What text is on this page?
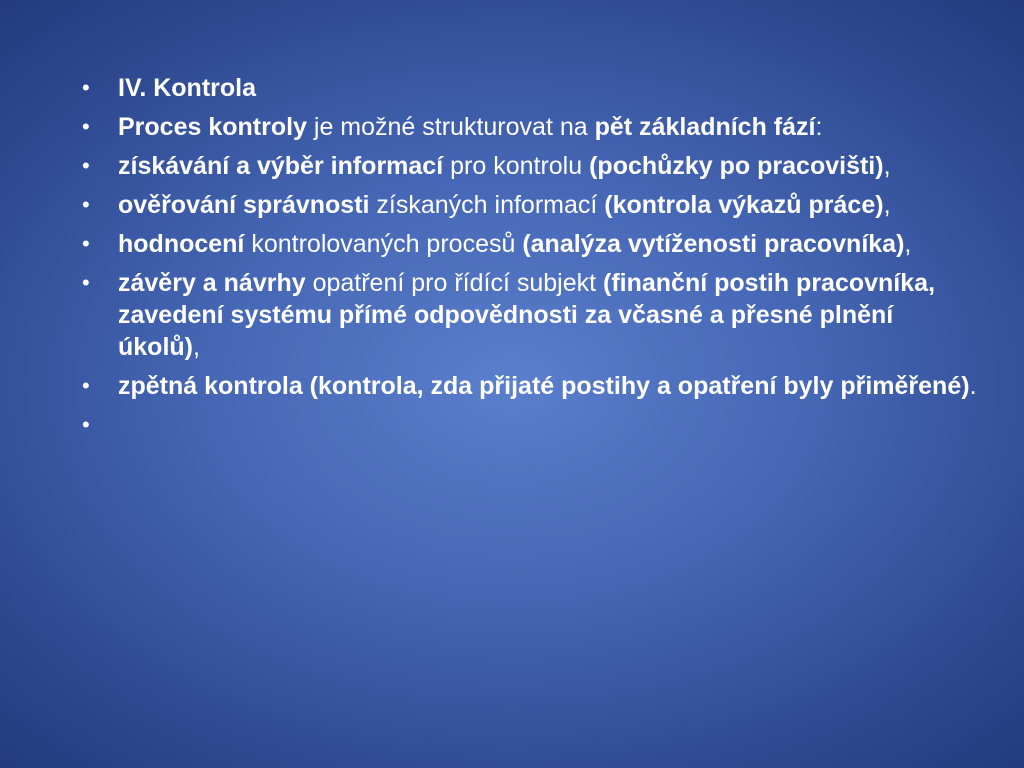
• IV. Kontrola
• Proces kontroly je možné strukturovat na pět základních fází:
• získávání a výběr informací pro kontrolu (pochůzky po pracovišti),
• ověřování správnosti získaných informací (kontrola výkazů práce),
• hodnocení kontrolovaných procesů (analýza vytíženosti pracovníka),
• závěry a návrhy opatření pro řídící subjekt (finanční postih pracovníka, zavedení systému přímé odpovědnosti za včasné a přesné plnění úkolů),
• zpětná kontrola (kontrola, zda přijaté postihy a opatření byly přiměřené).
•
